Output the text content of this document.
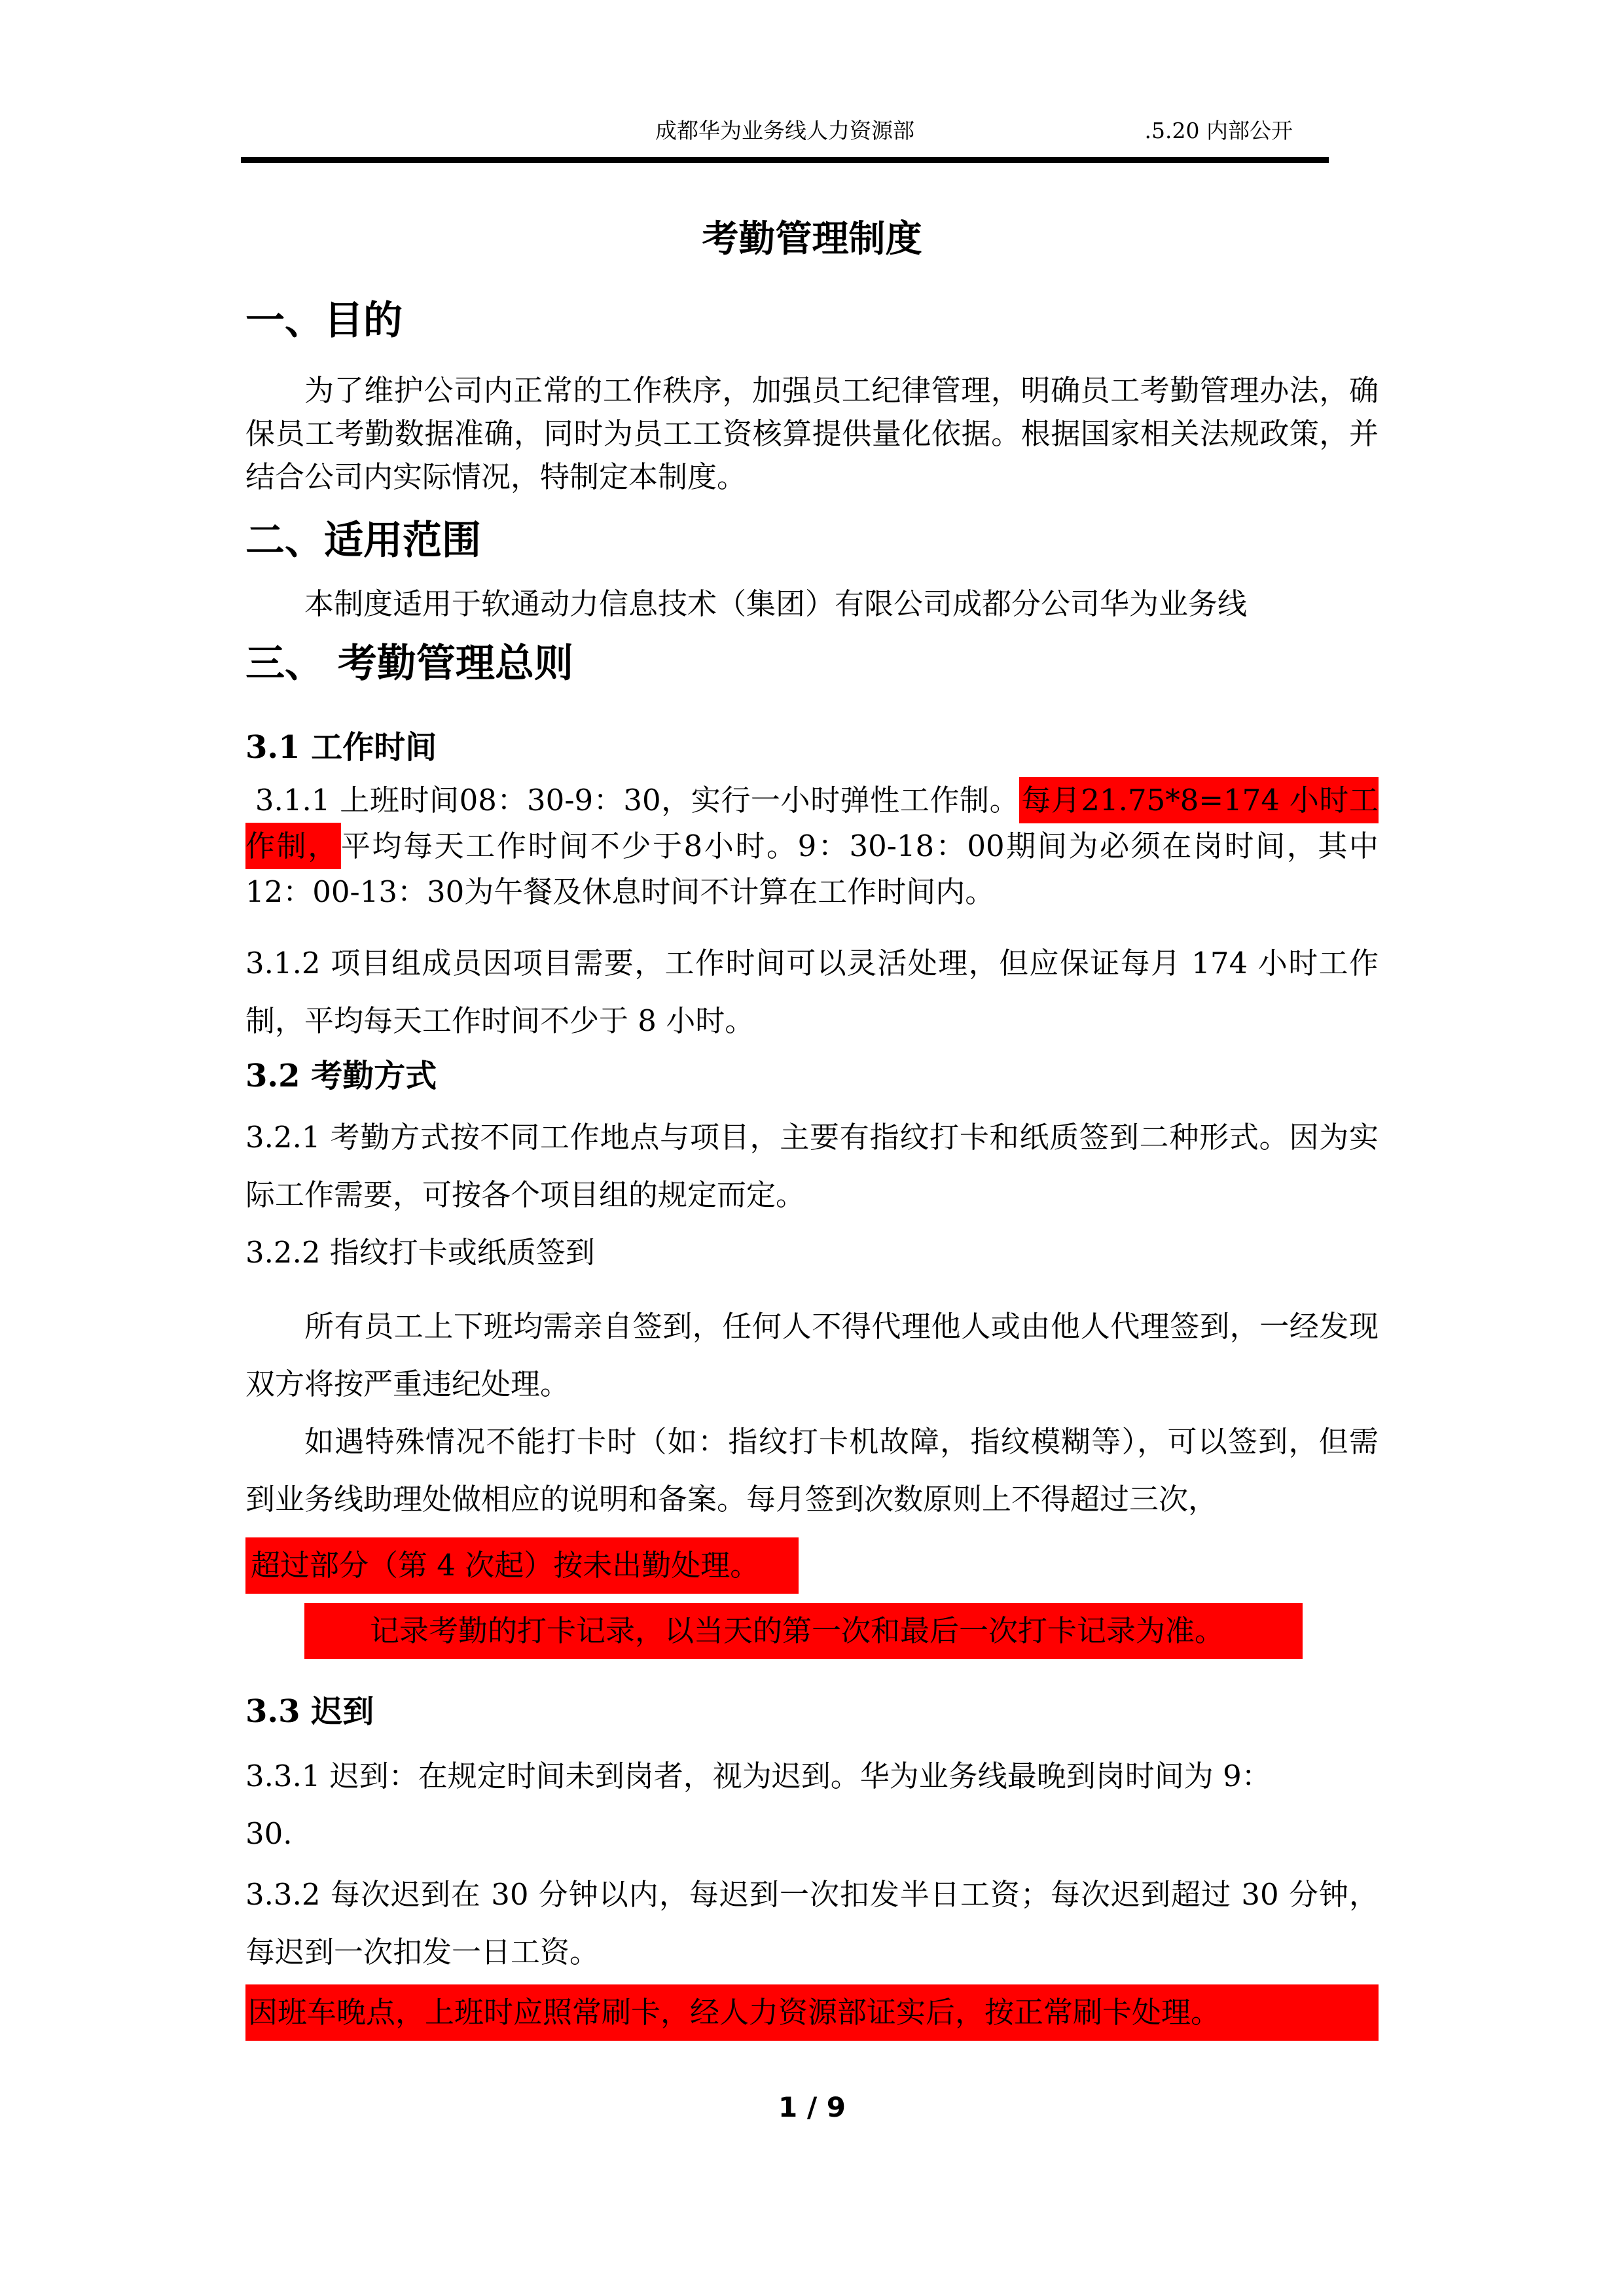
成都华为业务线人力资源部	.5.20 内部公开
考勤管理制度
一、目的
为了维护公司内正常的工作秩序，加强员工纪律管理，明确员工考勤管理办法，确保员工考勤数据准确，同时为员工工资核算提供量化依据。根据国家相关法规政策，并结合公司内实际情况，特制定本制度。
二、适用范围
本制度适用于软通动力信息技术（集团）有限公司成都分公司华为业务线
三、 考勤管理总则
3.1 工作时间
3.1.1 上班时间08：30-9：30，实行一小时弹性工作制。每月21.75*8=174 小时工作制，平均每天工作时间不少于8小时。9：30-18：00期间为必须在岗时间，其中12：00-13：30为午餐及休息时间不计算在工作时间内。
3.1.2 项目组成员因项目需要，工作时间可以灵活处理，但应保证每月 174 小时工作制，平均每天工作时间不少于 8 小时。
3.2 考勤方式
3.2.1 考勤方式按不同工作地点与项目，主要有指纹打卡和纸质签到二种形式。因为实际工作需要，可按各个项目组的规定而定。
3.2.2 指纹打卡或纸质签到
所有员工上下班均需亲自签到，任何人不得代理他人或由他人代理签到，一经发现双方将按严重违纪处理。
如遇特殊情况不能打卡时（如：指纹打卡机故障，指纹模糊等），可以签到，但需到业务线助理处做相应的说明和备案。每月签到次数原则上不得超过三次，
超过部分（第 4 次起）按未出勤处理。
记录考勤的打卡记录，以当天的第一次和最后一次打卡记录为准。
3.3 迟到
3.3.1 迟到：在规定时间未到岗者，视为迟到。华为业务线最晚到岗时间为 9：
30.
3.3.2 每次迟到在 30 分钟以内，每迟到一次扣发半日工资；每次迟到超过 30 分钟，每迟到一次扣发一日工资。
因班车晚点，上班时应照常刷卡，经人力资源部证实后，按正常刷卡处理。
1 / 9
